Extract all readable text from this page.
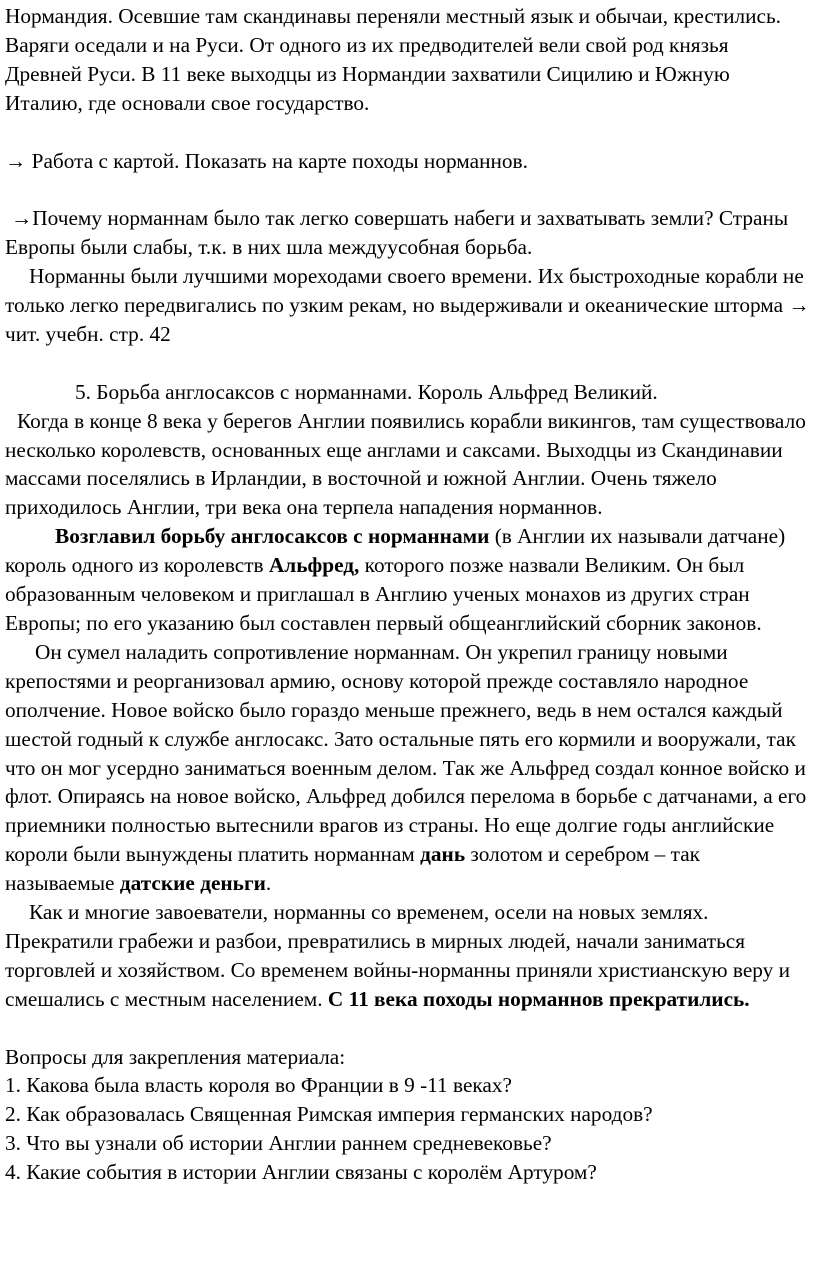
Нормандия. Осевшие там скандинавы переняли местный язык и обычаи, крестились. Варяги оседали и на Руси. От одного из их предводителей вели свой род князья Древней Руси. В 11 веке выходцы из Нормандии захватили Сицилию и Южную Италию, где основали свое государство.

→ Работа с картой. Показать на карте походы норманнов.

→Почему норманнам было так легко совершать набеги и захватывать земли? Страны Европы были слабы, т.к. в них шла междуусобная борьба.

Норманны были лучшими мореходами своего времени. Их быстроходные корабли не только легко передвигались по узким рекам, но выдерживали и океанические шторма → чит. учебн. стр. 42

5. Борьба англосаксов с норманнами. Король Альфред Великий.

Когда в конце 8 века у берегов Англии появились корабли викингов, там существовало несколько королевств, основанных еще англами и саксами. Выходцы из Скандинавии массами поселялись в Ирландии, в восточной и южной Англии. Очень тяжело приходилось Англии, три века она терпела нападения норманнов.

Возглавил борьбу англосаксов с норманнами (в Англии их называли датчане) король одного из королевств Альфред, которого позже назвали Великим. Он был образованным человеком и приглашал в Англию ученых монахов из других стран Европы; по его указанию был составлен первый общеанглийский сборник законов.

Он сумел наладить сопротивление норманнам. Он укрепил границу новыми крепостями и реорганизовал армию, основу которой прежде составляло народное ополчение. Новое войско было гораздо меньше прежнего, ведь в нем остался каждый шестой годный к службе англосакс. Зато остальные пять его кормили и вооружали, так что он мог усердно заниматься военным делом. Так же Альфред создал конное войско и флот. Опираясь на новое войско, Альфред добился перелома в борьбе с датчанами, а его приемники полностью вытеснили врагов из страны. Но еще долгие годы английские короли были вынуждены платить норманнам дань золотом и серебром – так называемые датские деньги.

Как и многие завоеватели, норманны со временем, осели на новых землях. Прекратили грабежи и разбои, превратились в мирных людей, начали заниматься торговлей и хозяйством. Со временем войны-норманны приняли христианскую веру и смешались с местным населением. С 11 века походы норманнов прекратились.

Вопросы для закрепления материала:

1. Какова была власть короля во Франции в 9 -11 веках?

2. Как образовалась Священная Римская империя германских народов?

3. Что вы узнали об истории Англии раннем средневековье?

4. Какие события в истории Англии связаны с королём Артуром?
